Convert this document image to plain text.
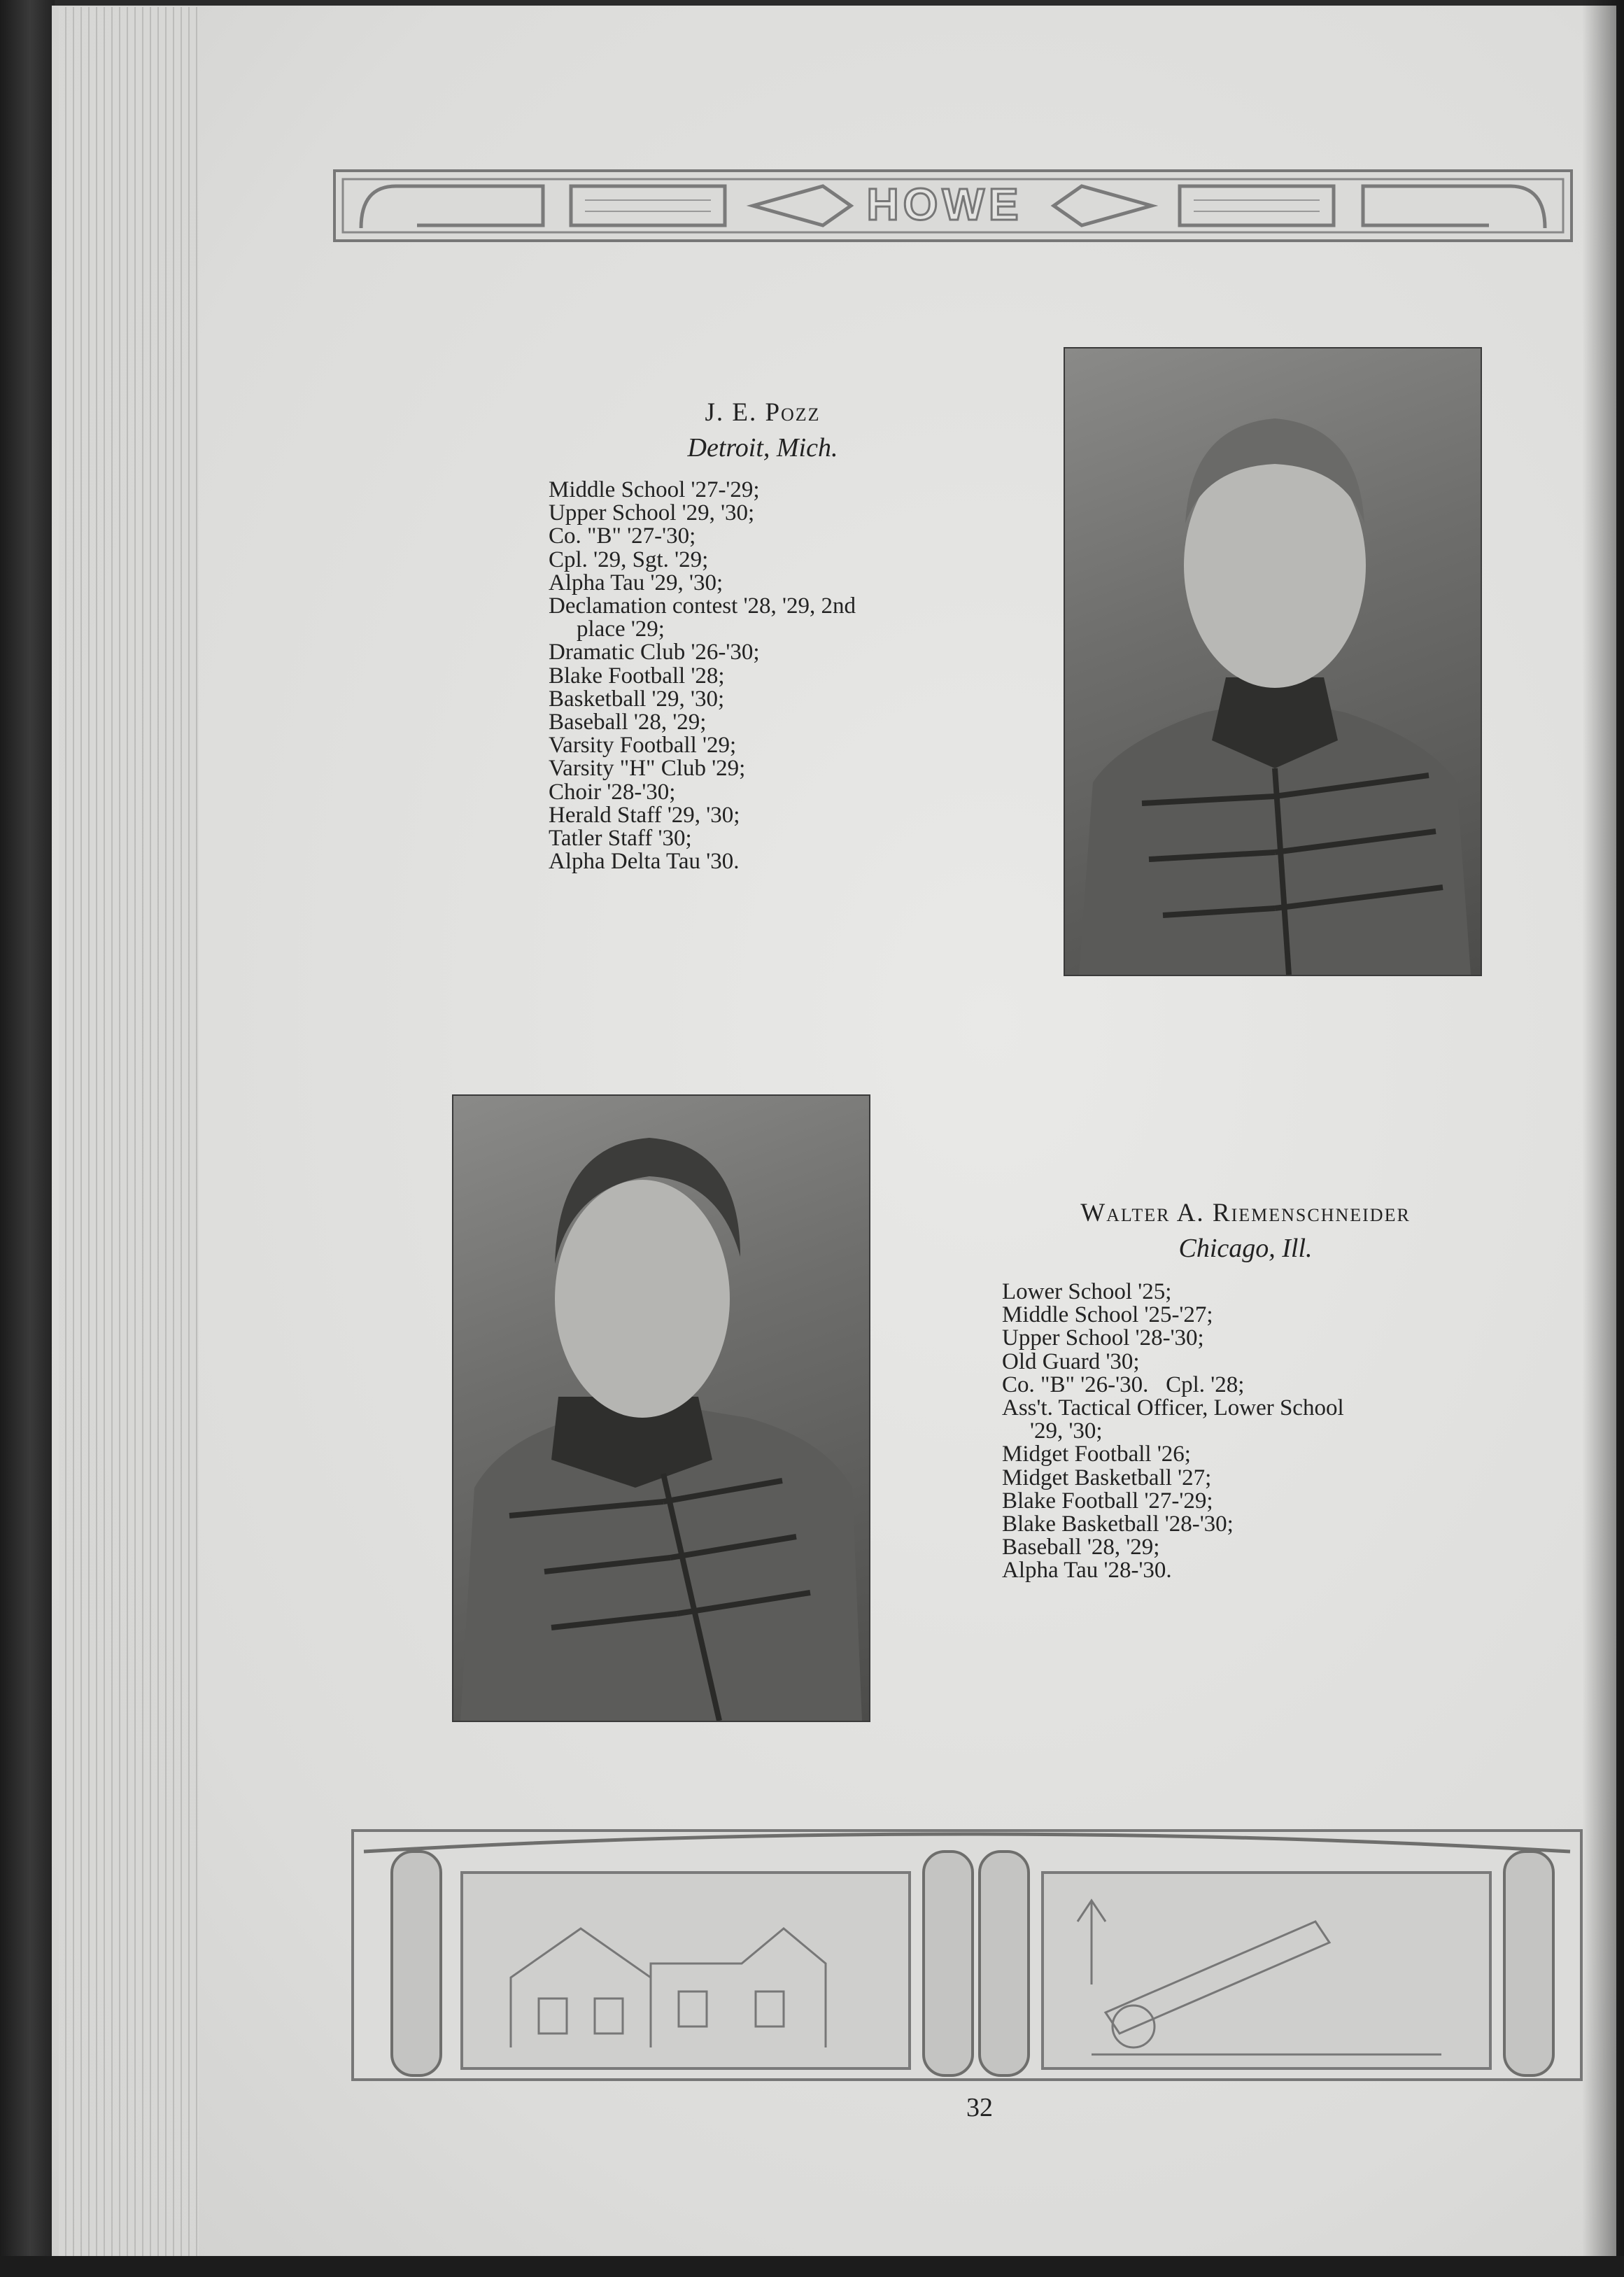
HOWE
J. E. Pozz
Detroit, Mich.
Middle School '27-'29;
Upper School '29, '30;
Co. "B" '27-'30;
Cpl. '29, Sgt. '29;
Alpha Tau '29, '30;
Declamation contest '28, '29, 2nd
place '29;
Dramatic Club '26-'30;
Blake Football '28;
Basketball '29, '30;
Baseball '28, '29;
Varsity Football '29;
Varsity "H" Club '29;
Choir '28-'30;
Herald Staff '29, '30;
Tatler Staff '30;
Alpha Delta Tau '30.
Walter A. Riemenschneider
Chicago, Ill.
Lower School '25;
Middle School '25-'27;
Upper School '28-'30;
Old Guard '30;
Co. "B" '26-'30.   Cpl. '28;
Ass't. Tactical Officer, Lower School
'29, '30;
Midget Football '26;
Midget Basketball '27;
Blake Football '27-'29;
Blake Basketball '28-'30;
Baseball '28, '29;
Alpha Tau '28-'30.
32
